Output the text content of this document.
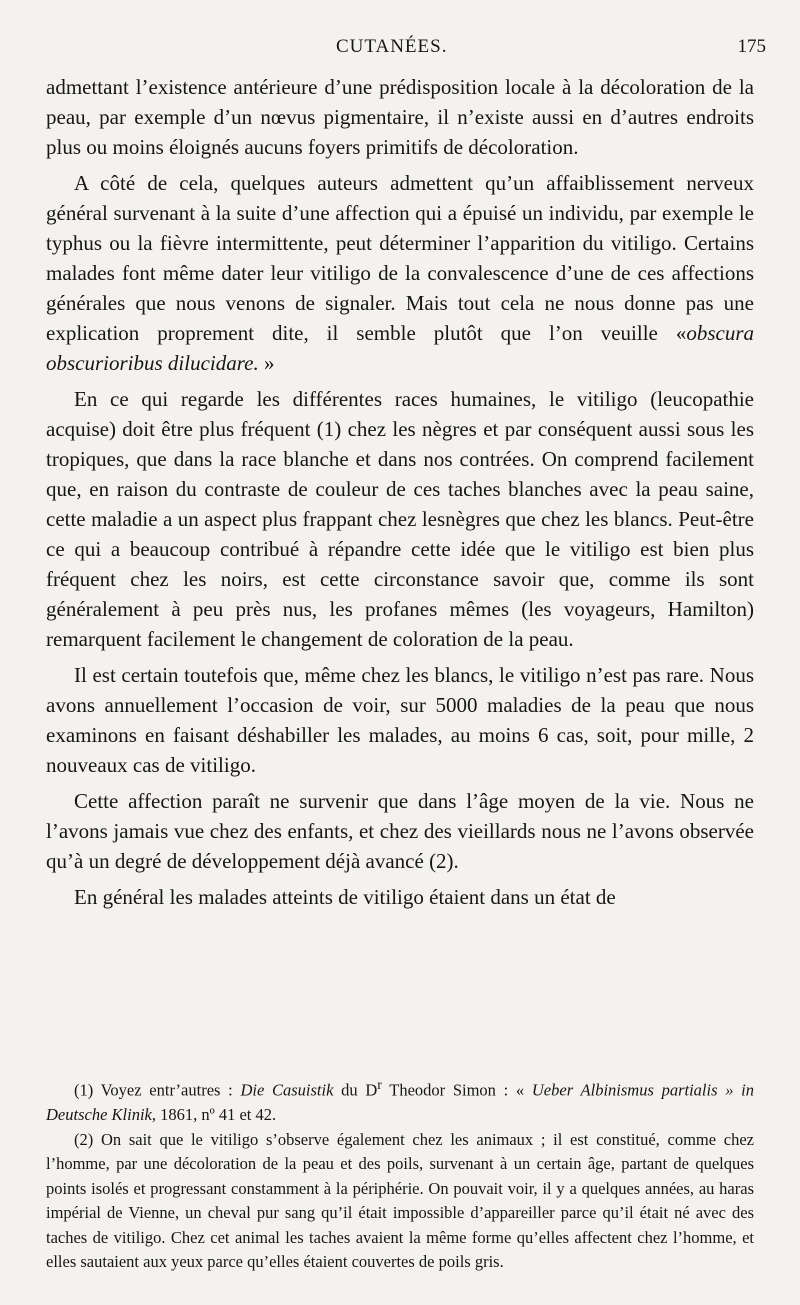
CUTANÉES.	175

admettant l’existence antérieure d’une prédisposition locale à la décoloration de la peau, par exemple d’un nœvus pigmentaire, il n’existe aussi en d’autres endroits plus ou moins éloignés aucuns foyers primitifs de décoloration.

A côté de cela, quelques auteurs admettent qu’un affaiblissement nerveux général survenant à la suite d’une affection qui a épuisé un individu, par exemple le typhus ou la fièvre intermittente, peut déterminer l’apparition du vitiligo. Certains malades font même dater leur vitiligo de la convalescence d’une de ces affections générales que nous venons de signaler. Mais tout cela ne nous donne pas une explication proprement dite, il semble plutôt que l’on veuille «obscura obscurioribus dilucidare. »

En ce qui regarde les différentes races humaines, le vitiligo (leucopathie acquise) doit être plus fréquent (1) chez les nègres et par conséquent aussi sous les tropiques, que dans la race blanche et dans nos contrées. On comprend facilement que, en raison du contraste de couleur de ces taches blanches avec la peau saine, cette maladie a un aspect plus frappant chez lesnègres que chez les blancs. Peut-être ce qui a beaucoup contribué à répandre cette idée que le vitiligo est bien plus fréquent chez les noirs, est cette circonstance savoir que, comme ils sont généralement à peu près nus, les profanes mêmes (les voyageurs, Hamilton) remarquent facilement le changement de coloration de la peau.

Il est certain toutefois que, même chez les blancs, le vitiligo n’est pas rare. Nous avons annuellement l’occasion de voir, sur 5000 maladies de la peau que nous examinons en faisant déshabiller les malades, au moins 6 cas, soit, pour mille, 2 nouveaux cas de vitiligo.

Cette affection paraît ne survenir que dans l’âge moyen de la vie. Nous ne l’avons jamais vue chez des enfants, et chez des vieillards nous ne l’avons observée qu’à un degré de développement déjà avancé (2).

En général les malades atteints de vitiligo étaient dans un état de

(1) Voyez entr’autres : Die Casuistik du $D^r$ Theodor Simon : « Ueber Albinismus partialis » in Deutsche Klinik, 1861, nº 41 et 42.

(2) On sait que le vitiligo s’observe également chez les animaux ; il est constitué, comme chez l’homme, par une décoloration de la peau et des poils, survenant à un certain âge, partant de quelques points isolés et progressant constamment à la périphérie. On pouvait voir, il y a quelques années, au haras impérial de Vienne, un cheval pur sang qu’il était impossible d’appareiller parce qu’il était né avec des taches de vitiligo. Chez cet animal les taches avaient la même forme qu’elles affectent chez l’homme, et elles sautaient aux yeux parce qu’elles étaient couvertes de poils gris.
